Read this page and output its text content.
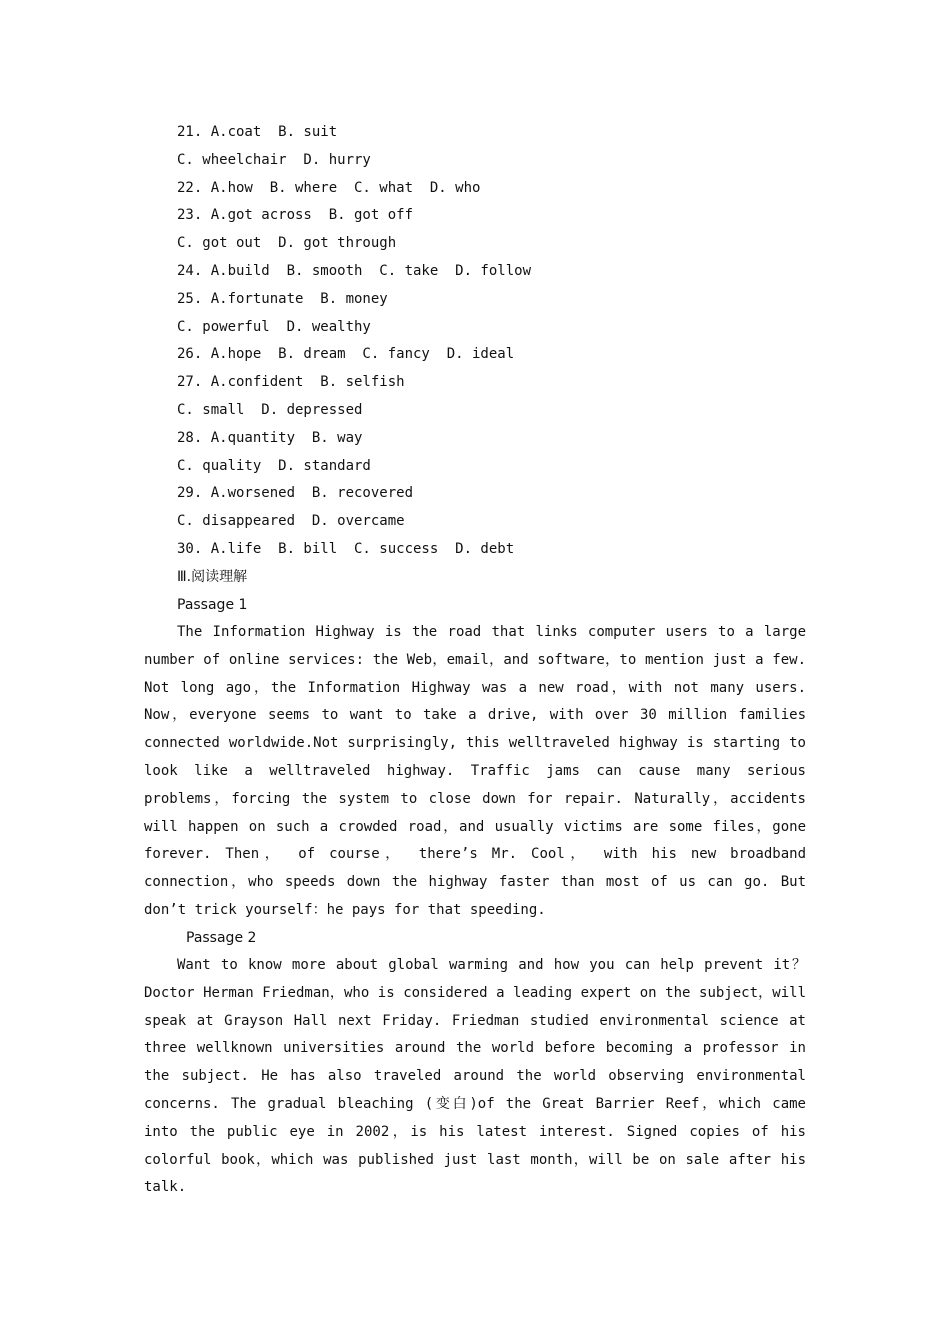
21. A.coat  B. suit
C. wheelchair  D. hurry
22. A.how  B. where  C. what  D. who
23. A.got across  B. got off
C. got out  D. got through
24. A.build  B. smooth  C. take  D. follow
25. A.fortunate  B. money
C. powerful  D. wealthy
26. A.hope  B. dream  C. fancy  D. ideal
27. A.confident  B. selfish
C. small  D. depressed
28. A.quantity  B. way
C. quality  D. standard
29. A.worsened  B. recovered
C. disappeared  D. overcame
30. A.life  B. bill  C. success  D. debt
Ⅲ.阅读理解
Passage 1

The Information Highway is the road that links computer users to a large number of online services: the Web，email，and software，to mention just a few. Not long ago，the Information Highway was a new road，with not many users. Now，everyone seems to want to take a drive, with over 30 million families connected worldwide.Not surprisingly, this welltraveled highway is starting to look like a welltraveled highway. Traffic jams can cause many serious problems，forcing the system to close down for repair. Naturally，accidents will happen on such a crowded road，and usually victims are some files，gone forever. Then， of course， there’s Mr. Cool， with his new broadband connection，who speeds down the highway faster than most of us can go. But don’t trick yourself：he pays for that speeding.

Passage 2

Want to know more about global warming and how you can help prevent it？Doctor Herman Friedman，who is considered a leading expert on the subject，will speak at Grayson Hall next Friday. Friedman studied environmental science at three wellknown universities around the world before becoming a professor in the subject. He has also traveled around the world observing environmental concerns. The gradual bleaching (变白)of the Great Barrier Reef，which came into the public eye in 2002，is his latest interest. Signed copies of his colorful book，which was published just last month，will be on sale after his talk.
